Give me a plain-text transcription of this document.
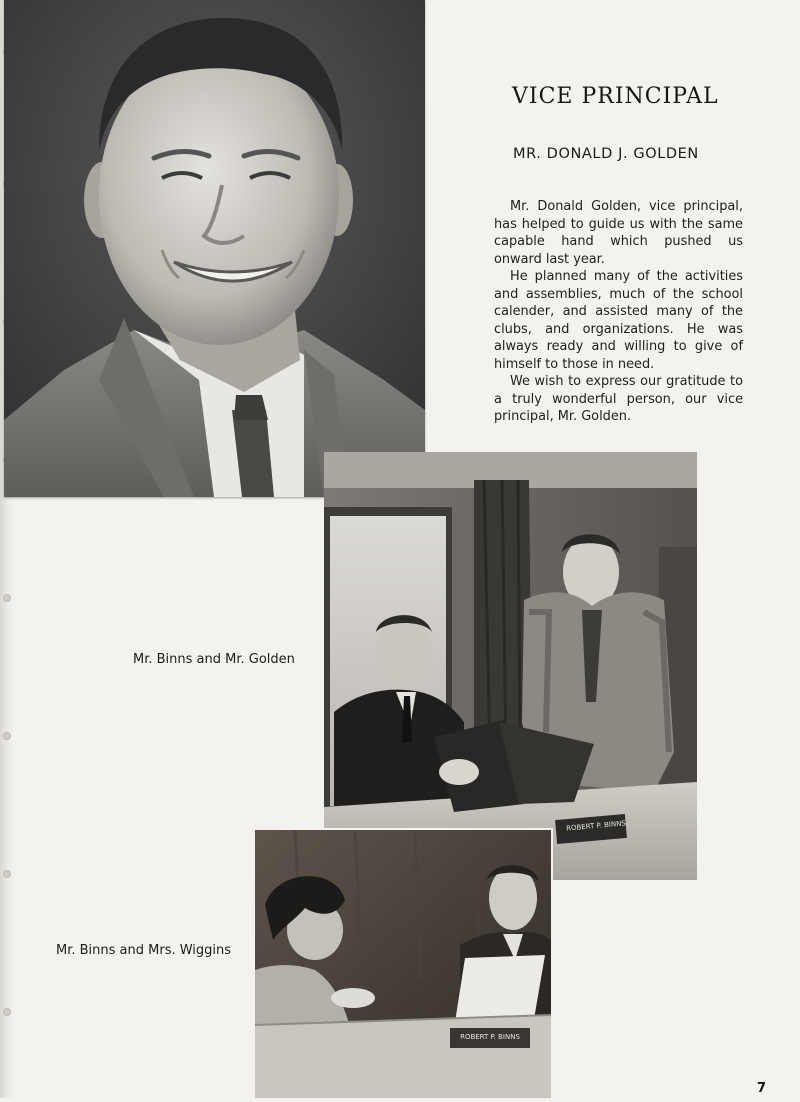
VICE PRINCIPAL
MR. DONALD J. GOLDEN

Mr. Donald Golden, vice principal, has helped to guide us with the same capable hand which pushed us onward last year.

He planned many of the activities and assemblies, much of the school calender, and assisted many of the clubs, and organizations. He was always ready and willing to give of himself to those in need.

We wish to express our gratitude to a truly wonderful person, our vice principal, Mr. Golden.

ROBERT P. BINNS
Mr. Binns and Mr. Golden
ROBERT P. BINNS
Mr. Binns and Mrs. Wiggins
7
